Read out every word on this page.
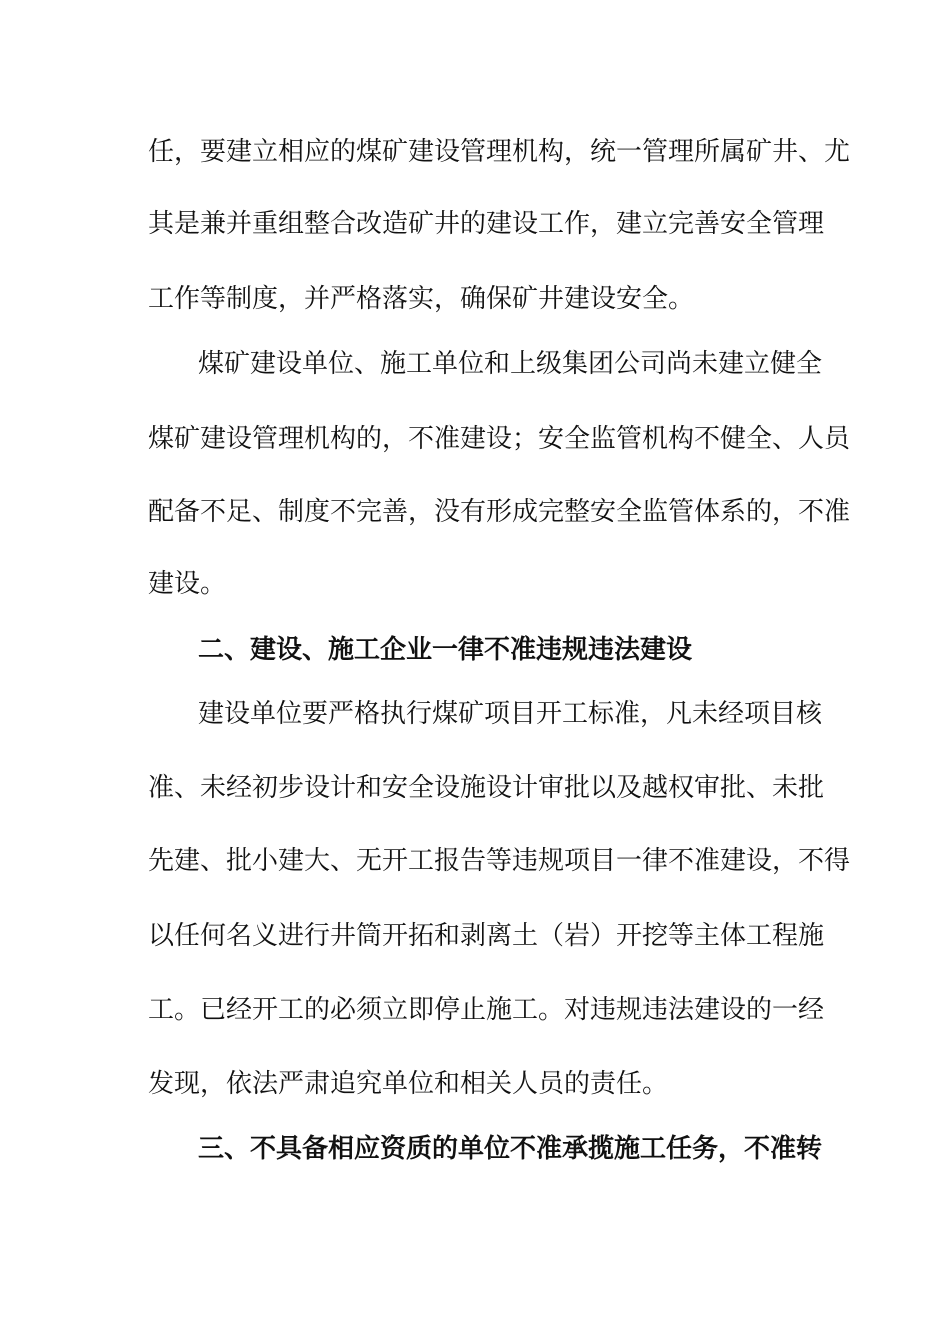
任，要建立相应的煤矿建设管理机构，统一管理所属矿井、尤
其是兼并重组整合改造矿井的建设工作，建立完善安全管理
工作等制度，并严格落实，确保矿井建设安全。
煤矿建设单位、施工单位和上级集团公司尚未建立健全
煤矿建设管理机构的，不准建设；安全监管机构不健全、人员
配备不足、制度不完善，没有形成完整安全监管体系的，不准
建设。
二、建设、施工企业一律不准违规违法建设
建设单位要严格执行煤矿项目开工标准，凡未经项目核
准、未经初步设计和安全设施设计审批以及越权审批、未批
先建、批小建大、无开工报告等违规项目一律不准建设，不得
以任何名义进行井筒开拓和剥离土（岩）开挖等主体工程施
工。已经开工的必须立即停止施工。对违规违法建设的一经
发现，依法严肃追究单位和相关人员的责任。
三、不具备相应资质的单位不准承揽施工任务，不准转
